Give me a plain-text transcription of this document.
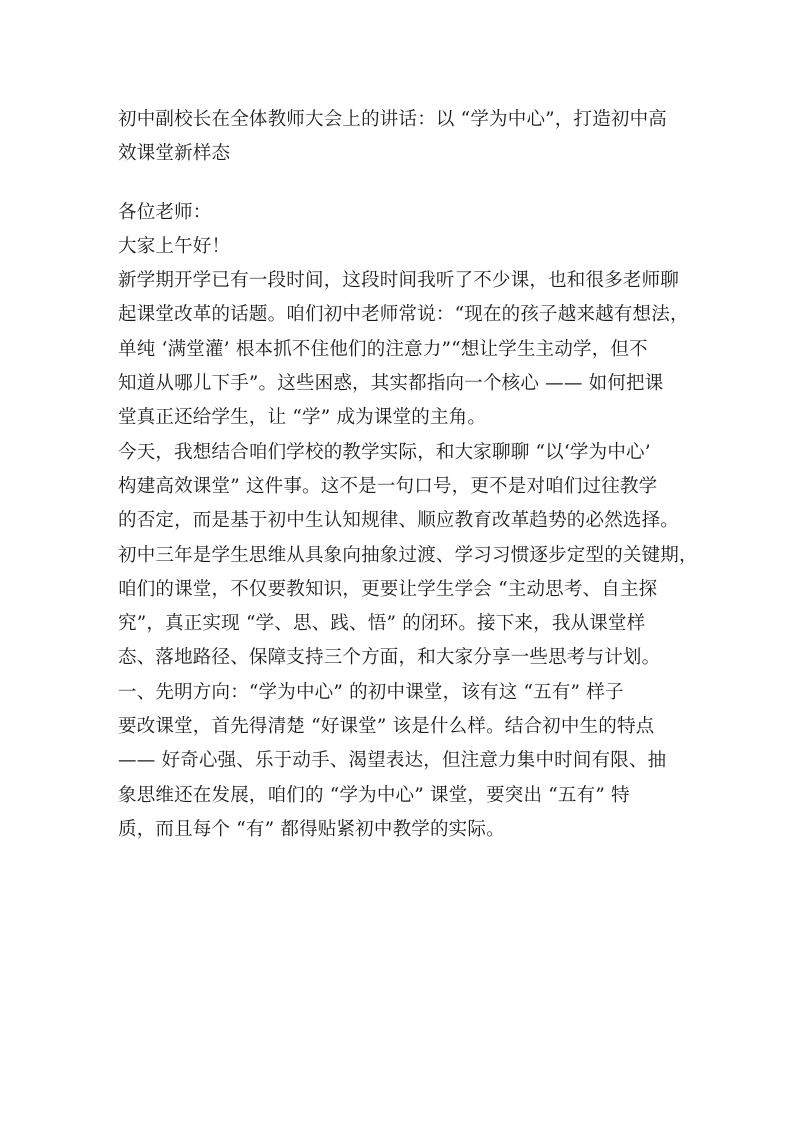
初中副校长在全体教师大会上的讲话：以 “学为中心”，打造初中高
效课堂新样态
各位老师：
大家上午好！
新学期开学已有一段时间，这段时间我听了不少课，也和很多老师聊
起课堂改革的话题。咱们初中老师常说：“现在的孩子越来越有想法，
单纯 ‘满堂灌’ 根本抓不住他们的注意力”“想让学生主动学，但不
知道从哪儿下手”。这些困惑，其实都指向一个核心 —— 如何把课
堂真正还给学生，让 “学” 成为课堂的主角。
今天，我想结合咱们学校的教学实际，和大家聊聊 “以‘学为中心’
构建高效课堂” 这件事。这不是一句口号，更不是对咱们过往教学
的否定，而是基于初中生认知规律、顺应教育改革趋势的必然选择。
初中三年是学生思维从具象向抽象过渡、学习习惯逐步定型的关键期，
咱们的课堂，不仅要教知识，更要让学生学会 “主动思考、自主探
究”，真正实现 “学、思、践、悟” 的闭环。接下来，我从课堂样
态、落地路径、保障支持三个方面，和大家分享一些思考与计划。
一、先明方向：“学为中心” 的初中课堂，该有这 “五有” 样子
要改课堂，首先得清楚 “好课堂” 该是什么样。结合初中生的特点
—— 好奇心强、乐于动手、渴望表达，但注意力集中时间有限、抽
象思维还在发展，咱们的 “学为中心” 课堂，要突出 “五有” 特
质，而且每个 “有” 都得贴紧初中教学的实际。
